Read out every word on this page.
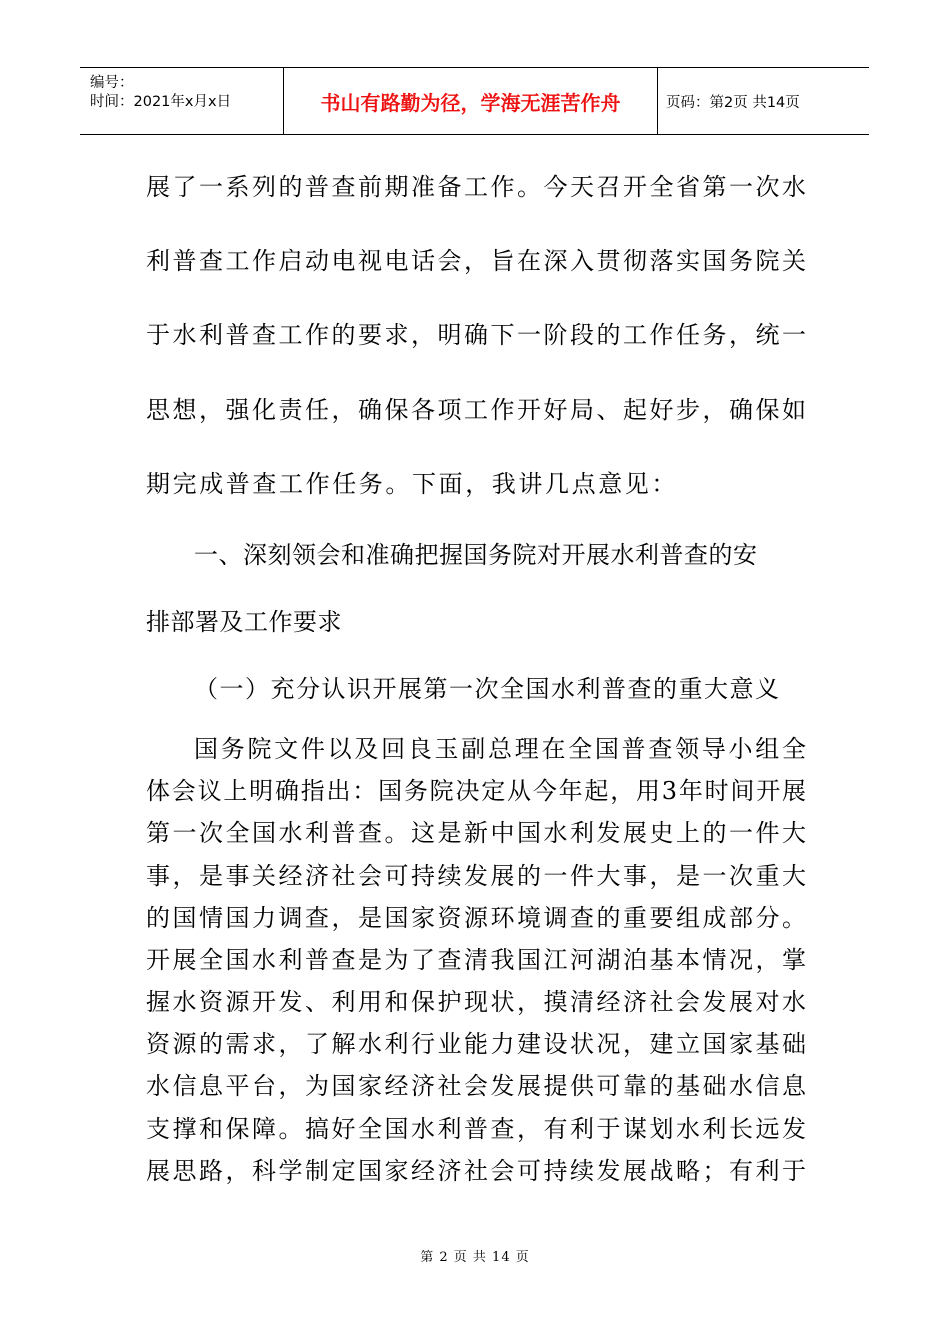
编号：
时间：2021年x月x日	书山有路勤为径，学海无涯苦作舟	页码：第2页 共14页
展了一系列的普查前期准备工作。今天召开全省第一次水
利普查工作启动电视电话会，旨在深入贯彻落实国务院关
于水利普查工作的要求，明确下一阶段的工作任务，统一
思想，强化责任，确保各项工作开好局、起好步，确保如
期完成普查工作任务。下面，我讲几点意见：
一、深刻领会和准确把握国务院对开展水利普查的安
排部署及工作要求
（一）充分认识开展第一次全国水利普查的重大意义
国务院文件以及回良玉副总理在全国普查领导小组全
体会议上明确指出：国务院决定从今年起，用3年时间开展
第一次全国水利普查。这是新中国水利发展史上的一件大
事，是事关经济社会可持续发展的一件大事，是一次重大
的国情国力调查，是国家资源环境调查的重要组成部分。
开展全国水利普查是为了查清我国江河湖泊基本情况，掌
握水资源开发、利用和保护现状，摸清经济社会发展对水
资源的需求，了解水利行业能力建设状况，建立国家基础
水信息平台，为国家经济社会发展提供可靠的基础水信息
支撑和保障。搞好全国水利普查，有利于谋划水利长远发
展思路，科学制定国家经济社会可持续发展战略；有利于
第 2 页 共 14 页
